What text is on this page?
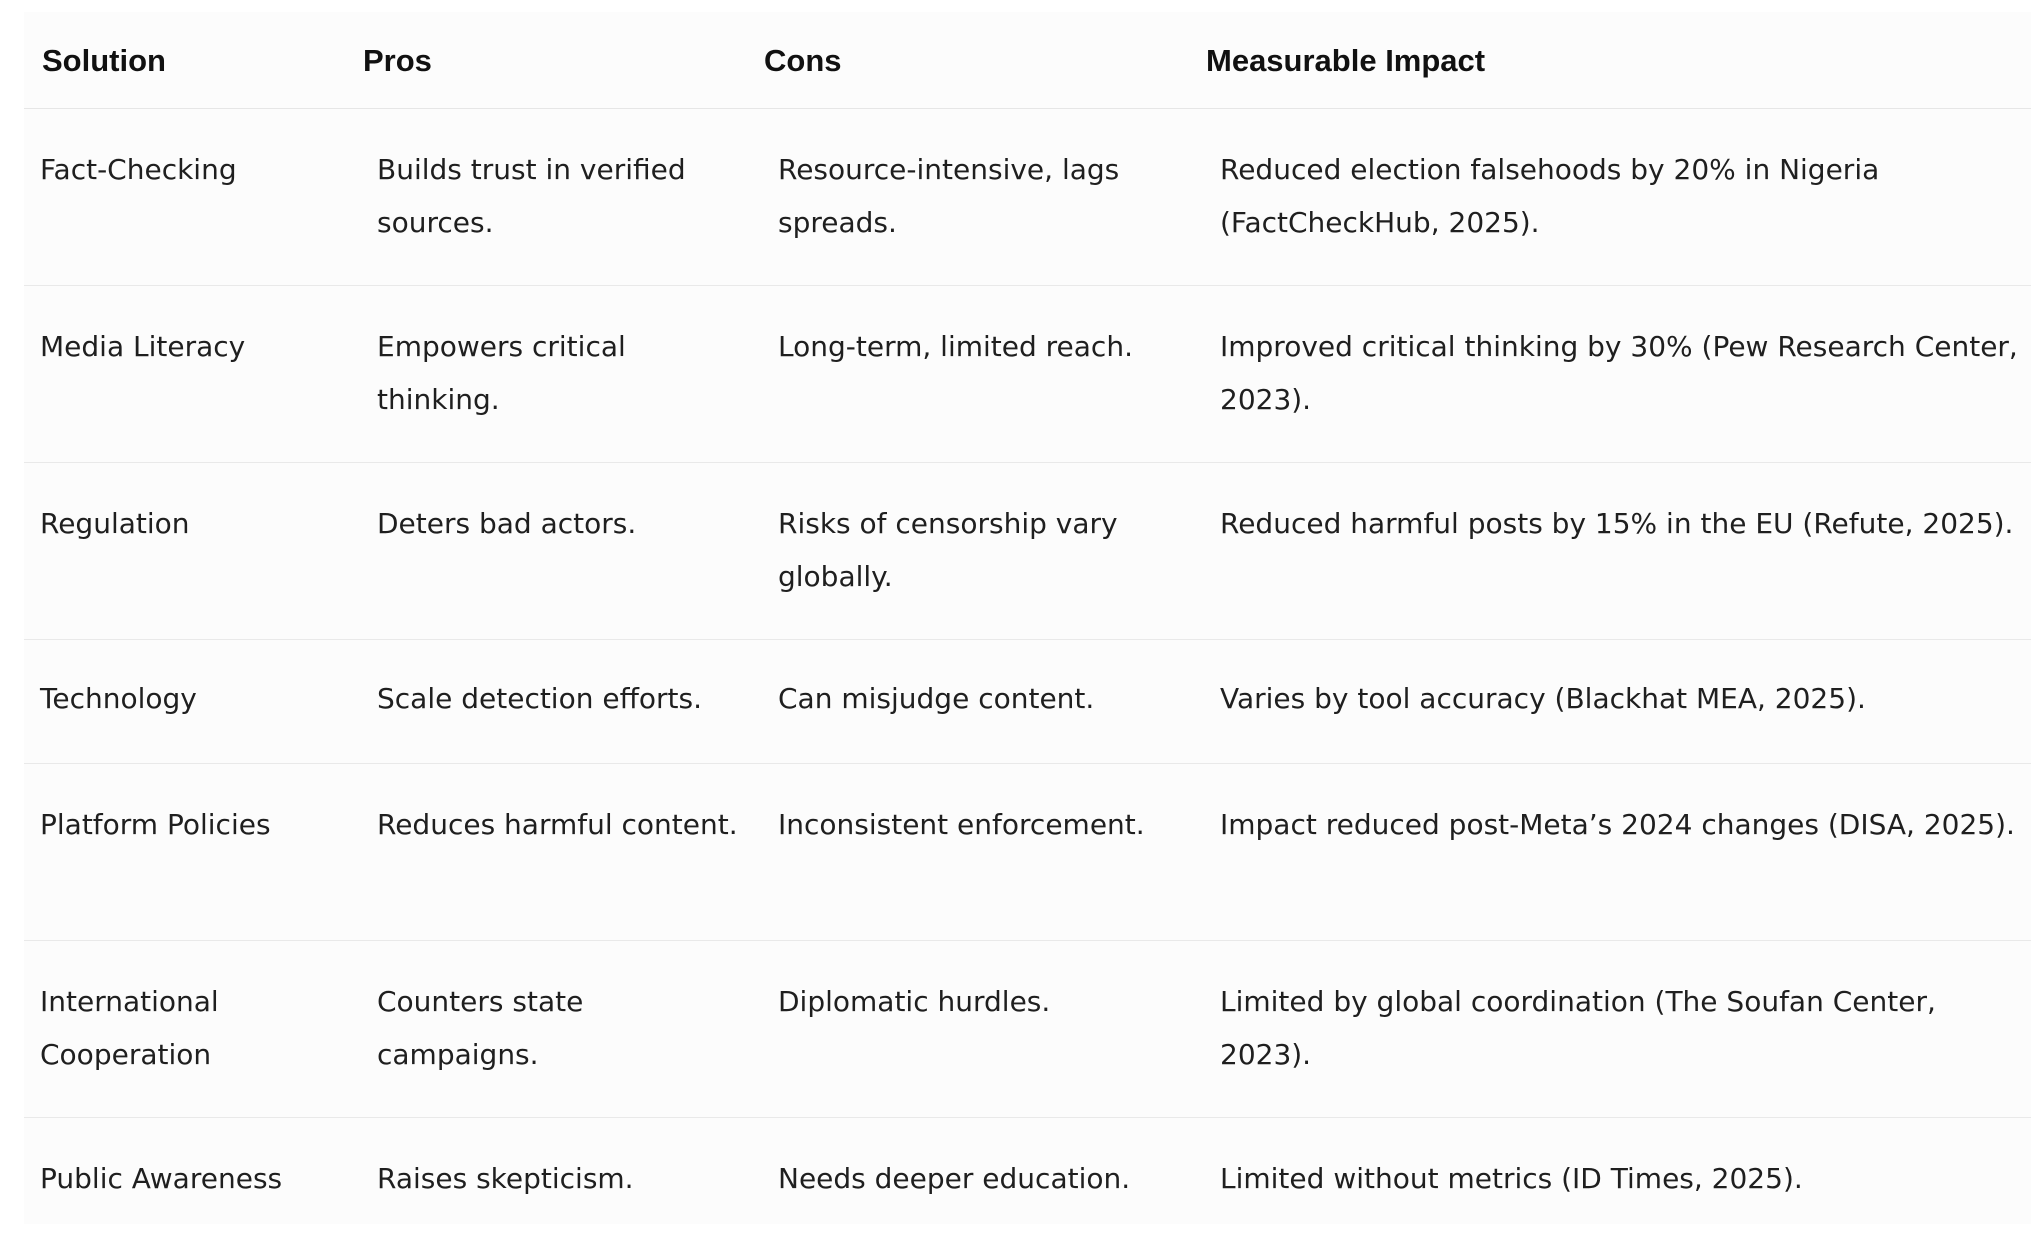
Solution	Pros	Cons	Measurable Impact

Fact-Checking	Builds trust in verified sources.	Resource-intensive, lags spreads.	Reduced election falsehoods by 20% in Nigeria (FactCheckHub, 2025).

Media Literacy	Empowers critical thinking.	Long-term, limited reach.	Improved critical thinking by 30% (Pew Research Center, 2023).

Regulation	Deters bad actors.	Risks of censorship vary globally.	Reduced harmful posts by 15% in the EU (Refute, 2025).

Technology	Scale detection efforts.	Can misjudge content.	Varies by tool accuracy (Blackhat MEA, 2025).

Platform Policies	Reduces harmful content.	Inconsistent enforcement.	Impact reduced post-Meta’s 2024 changes (DISA, 2025).

International Cooperation	Counters state campaigns.	Diplomatic hurdles.	Limited by global coordination (The Soufan Center, 2023).

Public Awareness	Raises skepticism.	Needs deeper education.	Limited without metrics (ID Times, 2025).
